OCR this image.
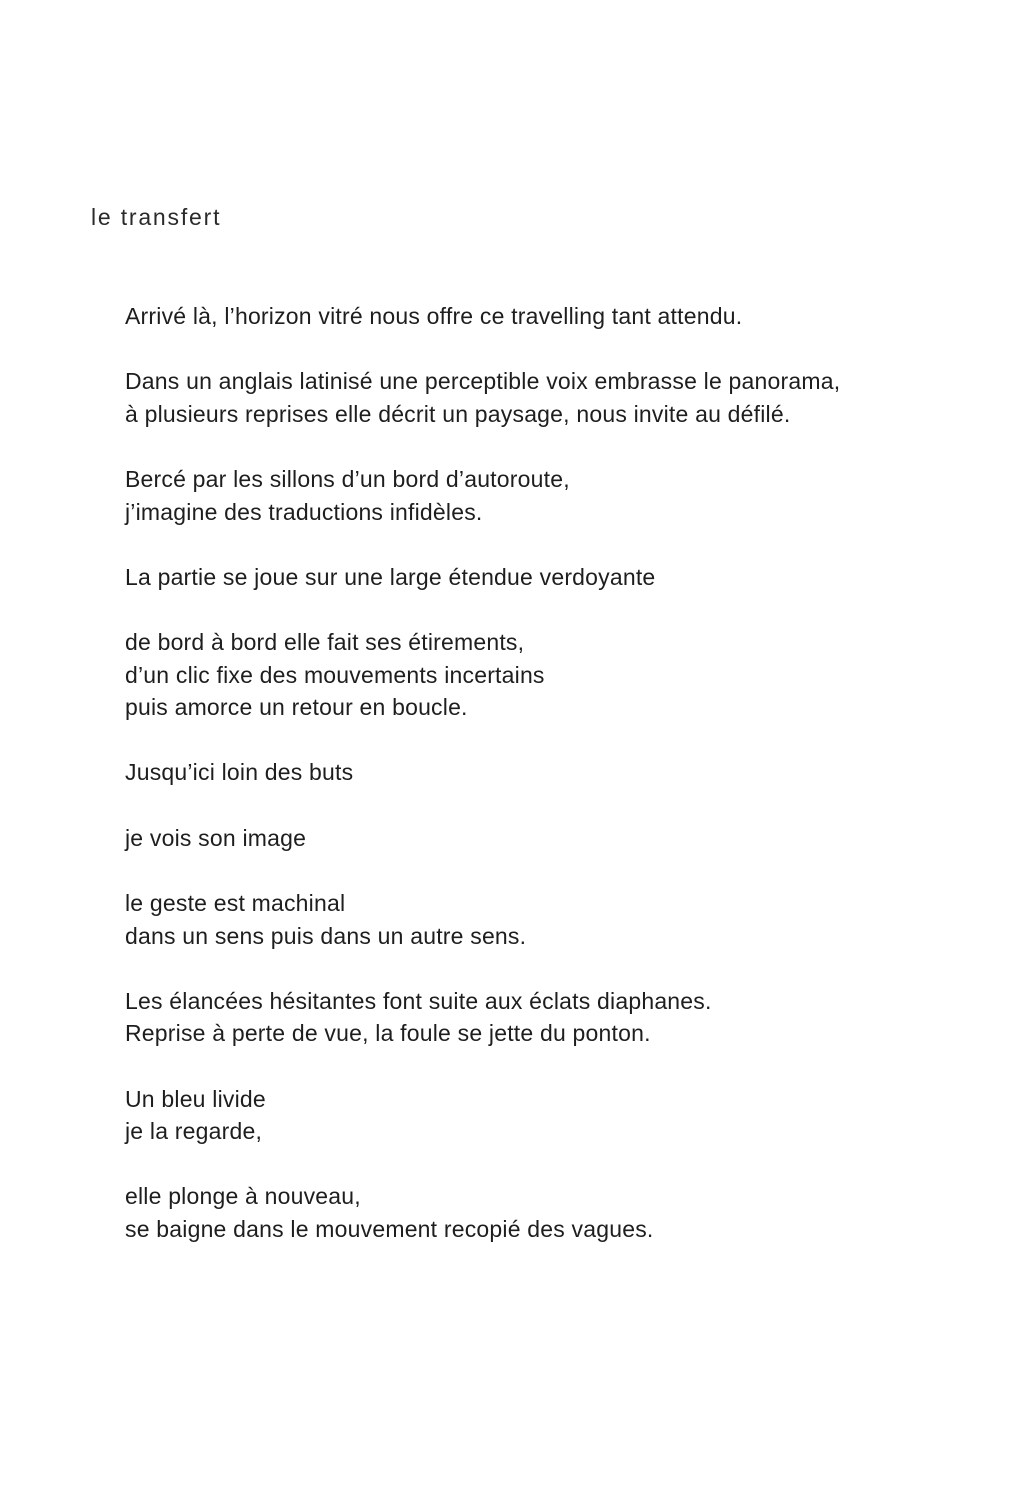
le transfert

Arrivé là, l’horizon vitré nous offre ce travelling tant attendu.

Dans un anglais latinisé une perceptible voix embrasse le panorama,
à plusieurs reprises elle décrit un paysage, nous invite au défilé.

Bercé par les sillons d’un bord d’autoroute,
j’imagine des traductions infidèles.

La partie se joue sur une large étendue verdoyante

de bord à bord elle fait ses étirements,
d’un clic fixe des mouvements incertains
puis amorce un retour en boucle.

Jusqu’ici loin des buts

je vois son image

le geste est machinal
dans un sens puis dans un autre sens.

Les élancées hésitantes font suite aux éclats diaphanes.
Reprise à perte de vue, la foule se jette du ponton.

Un bleu livide
je la regarde,

elle plonge à nouveau,
se baigne dans le mouvement recopié des vagues.
